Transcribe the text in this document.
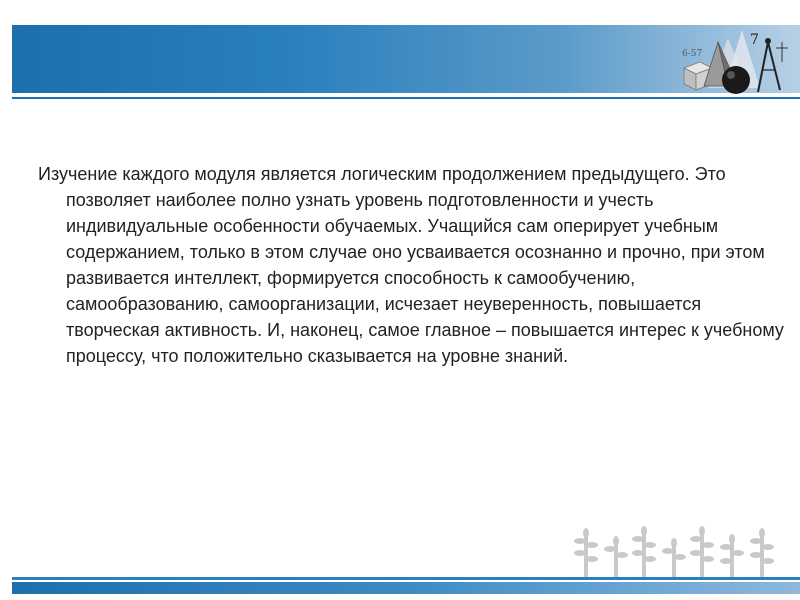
7
6-57

Изучение каждого модуля является логическим продолжением предыдущего. Это позволяет наиболее полно узнать уровень подготовленности и учесть индивидуальные особенности обучаемых. Учащийся сам оперирует учебным содержанием, только в этом случае оно усваивается осознанно и прочно, при этом развивается интеллект, формируется способность к самообучению, самообразованию, самоорганизации, исчезает неуверенность, повышается творческая активность. И, наконец, самое главное – повышается интерес к учебному процессу, что положительно сказывается на уровне знаний.
